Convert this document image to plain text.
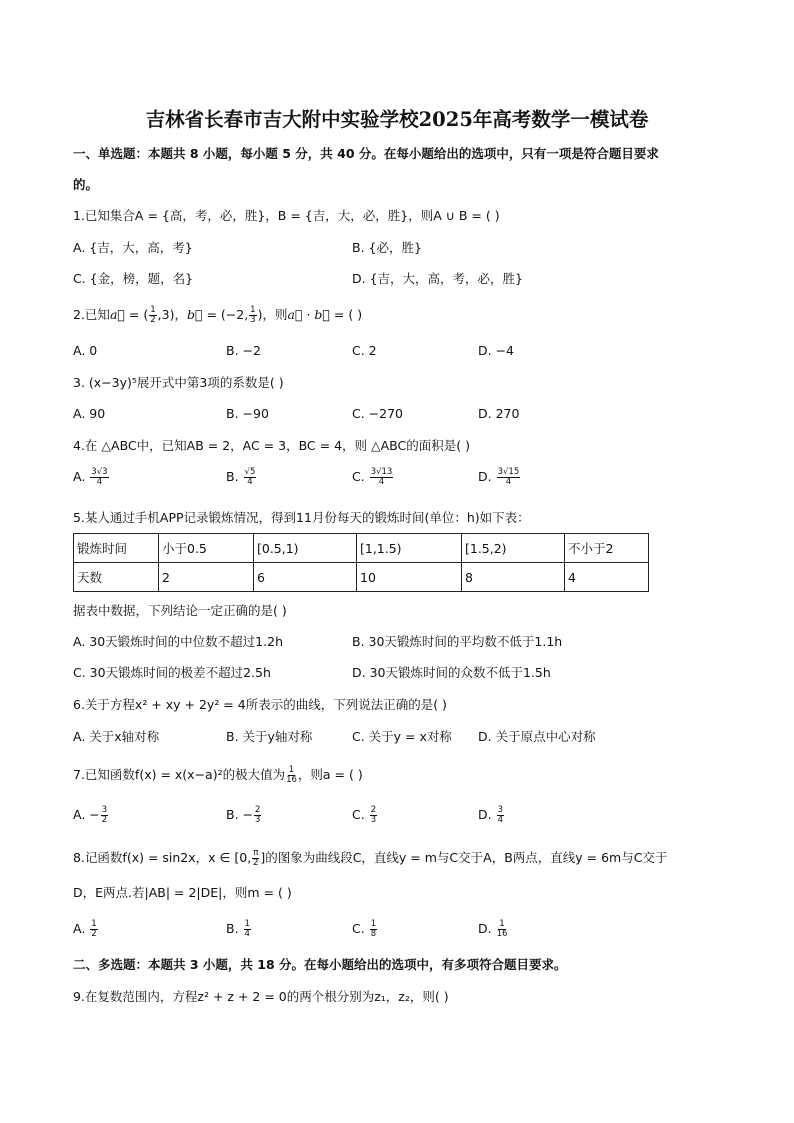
吉林省长春市吉大附中实验学校2025年高考数学一模试卷
一、单选题：本题共 8 小题，每小题 5 分，共 40 分。在每小题给出的选项中，只有一项是符合题目要求
的。
1.已知集合A = {高，考，必，胜}，B = {吉，大，必，胜}，则A ∪ B = ( )
A. {吉，大，高，考}	B. {必，胜}
C. {金，榜，题，名}	D. {吉，大，高，考，必，胜}
2.已知a⃗ = ( $\frac{1}{2} ,3$)，b⃗ = (−2, $\frac{1}{3}$ )，则a⃗ · b⃗ = ( )
A. 0	B. −2	C. 2	D. −4
3. (x−3y)⁵展开式中第3项的系数是( )
A. 90	B. −90	C. −270	D. 270
4.在 △ABC中，已知AB = 2，AC = 3，BC = 4，则 △ABC的面积是( )
A. $\frac{3√3}{4}$	B. $\frac{√5}{4}$	C. $\frac{3√13}{4}$	D. $\frac{3√15}{4}$
5.某人通过手机APP记录锻炼情况，得到11月份每天的锻炼时间(单位：h)如下表：
锻炼时间	小于0.5	[0.5,1)	[1,1.5)	[1.5,2)	不小于2
天数	2	6	10	8	4
据表中数据，下列结论一定正确的是( )
A. 30天锻炼时间的中位数不超过1.2h	B. 30天锻炼时间的平均数不低于1.1h
C. 30天锻炼时间的极差不超过2.5h	D. 30天锻炼时间的众数不低于1.5h
6.关于方程x² + xy + 2y² = 4所表示的曲线，下列说法正确的是( )
A. 关于x轴对称	B. 关于y轴对称	C. 关于y = x对称 D. 关于原点中心对称
7.已知函数f(x) = x(x−a)²的极大值为 $\frac{1}{16}$ ，则a = ( )
A. − $\frac{3}{2}$	B. − $\frac{2}{3}$	C. $\frac{2}{3}$	D. $\frac{3}{4}$
8.记函数f(x) = sin2x，x ∈ [0, $\frac{\pi}{2}$ ]的图象为曲线段C，直线y = m与C交于A，B两点，直线y = 6m与C交于
D，E两点.若|AB| = 2|DE|，则m = ( )
A. $\frac{1}{2}$	B. $\frac{1}{4}$	C. $\frac{1}{8}$	D. $\frac{1}{16}$
二、多选题：本题共 3 小题，共 18 分。在每小题给出的选项中，有多项符合题目要求。
9.在复数范围内，方程z² + z + 2 = 0的两个根分别为z₁，z₂，则( )
